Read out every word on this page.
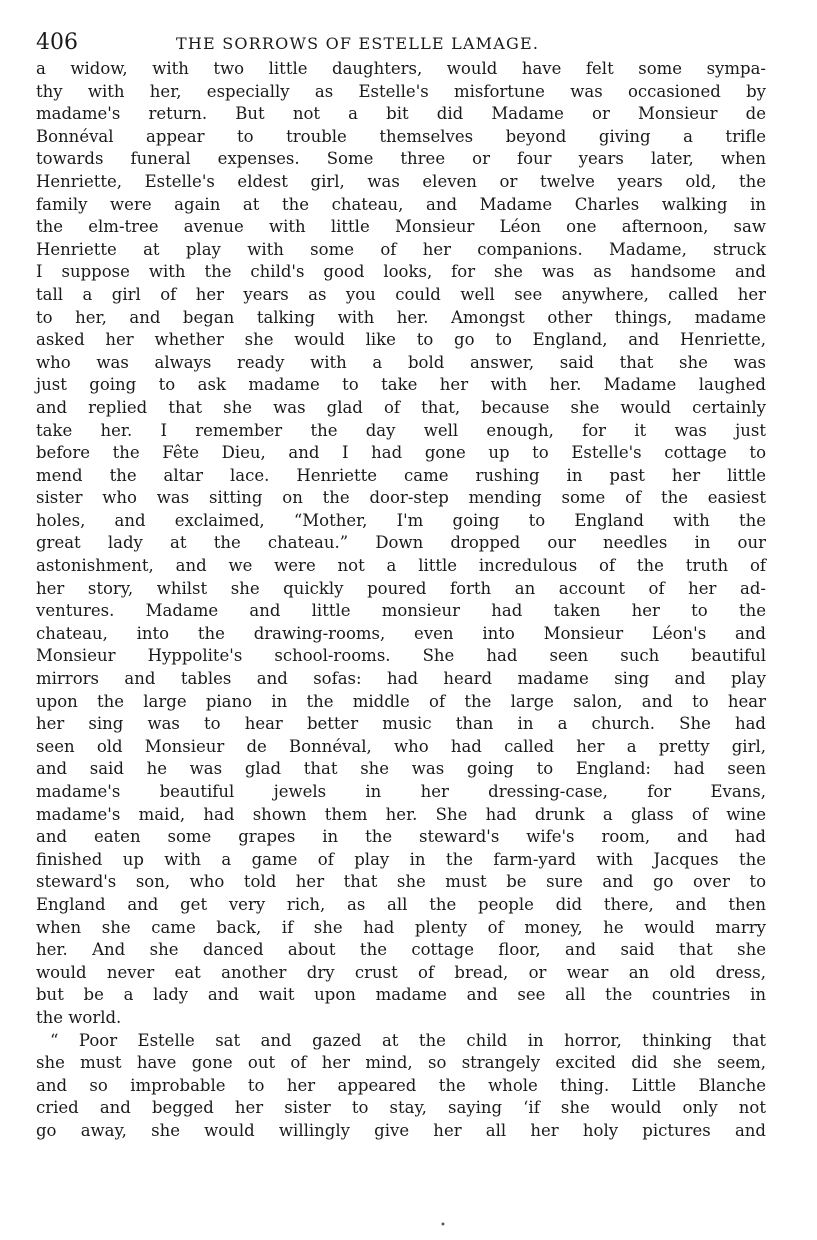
406	THE SORROWS OF ESTELLE LAMAGE.
a widow, with two little daughters, would have felt some sympa-
thy with her, especially as Estelle's misfortune was occasioned by
madame's return. But not a bit did Madame or Monsieur de
Bonnéval appear to trouble themselves beyond giving a trifle
towards funeral expenses. Some three or four years later, when
Henriette, Estelle's eldest girl, was eleven or twelve years old, the
family were again at the chateau, and Madame Charles walking in
the elm-tree avenue with little Monsieur Léon one afternoon, saw
Henriette at play with some of her companions. Madame, struck
I suppose with the child's good looks, for she was as handsome and
tall a girl of her years as you could well see anywhere, called her
to her, and began talking with her. Amongst other things, madame
asked her whether she would like to go to England, and Henriette,
who was always ready with a bold answer, said that she was
just going to ask madame to take her with her. Madame laughed
and replied that she was glad of that, because she would certainly
take her. I remember the day well enough, for it was just
before the Fête Dieu, and I had gone up to Estelle's cottage to
mend the altar lace. Henriette came rushing in past her little
sister who was sitting on the door-step mending some of the easiest
holes, and exclaimed, “Mother, I'm going to England with the
great lady at the chateau.” Down dropped our needles in our
astonishment, and we were not a little incredulous of the truth of
her story, whilst she quickly poured forth an account of her ad-
ventures. Madame and little monsieur had taken her to the
chateau, into the drawing-rooms, even into Monsieur Léon's and
Monsieur Hyppolite's school-rooms. She had seen such beautiful
mirrors and tables and sofas: had heard madame sing and play
upon the large piano in the middle of the large salon, and to hear
her sing was to hear better music than in a church. She had
seen old Monsieur de Bonnéval, who had called her a pretty girl,
and said he was glad that she was going to England: had seen
madame's beautiful jewels in her dressing-case, for Evans,
madame's maid, had shown them her. She had drunk a glass of wine
and eaten some grapes in the steward's wife's room, and had
finished up with a game of play in the farm-yard with Jacques the
steward's son, who told her that she must be sure and go over to
England and get very rich, as all the people did there, and then
when she came back, if she had plenty of money, he would marry
her. And she danced about the cottage floor, and said that she
would never eat another dry crust of bread, or wear an old dress,
but be a lady and wait upon madame and see all the countries in
the world.
“ Poor Estelle sat and gazed at the child in horror, thinking that
she must have gone out of her mind, so strangely excited did she seem,
and so improbable to her appeared the whole thing. Little Blanche
cried and begged her sister to stay, saying ‘if she would only not
go away, she would willingly give her all her holy pictures and
•
